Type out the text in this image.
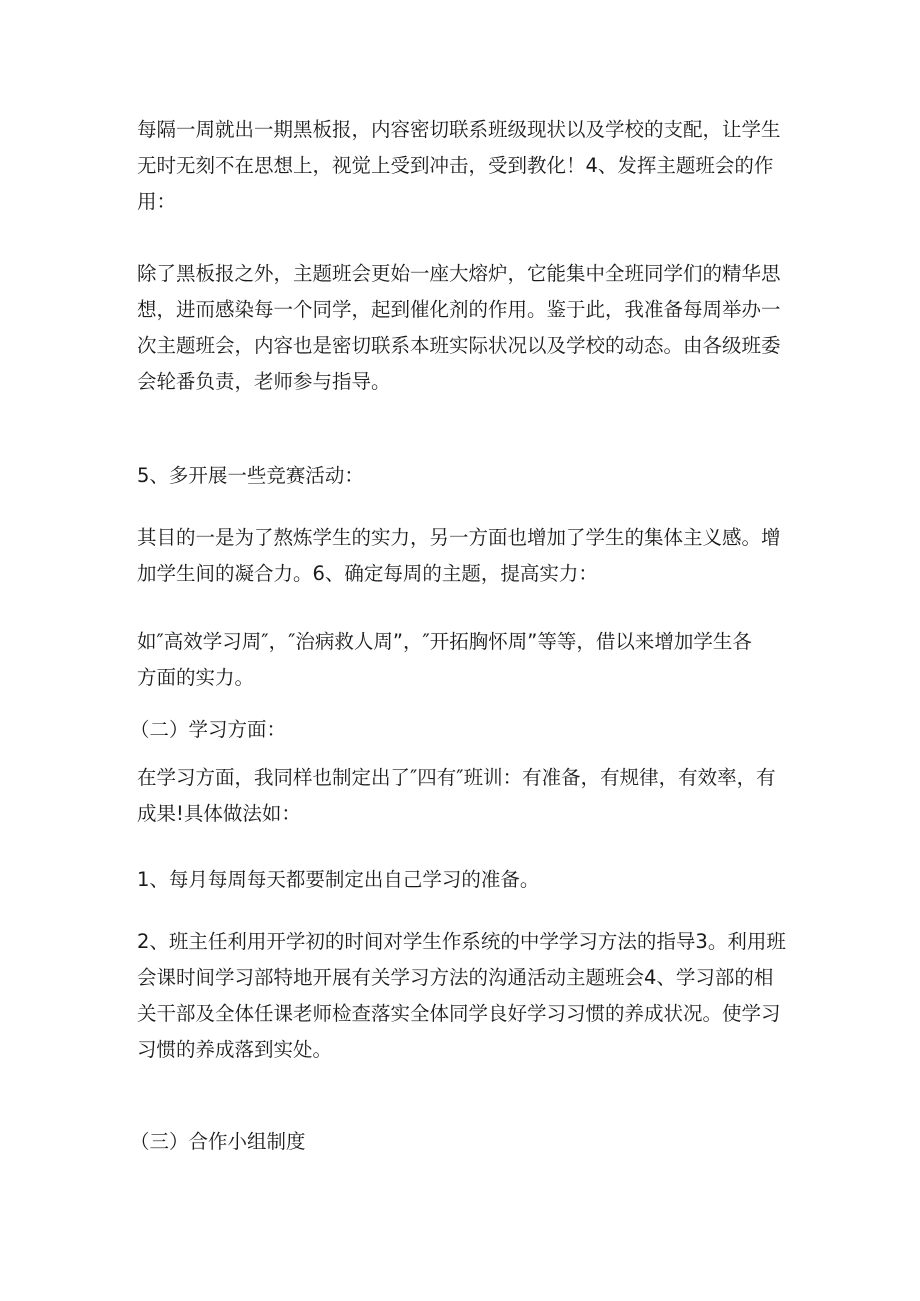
每隔一周就出一期黑板报，内容密切联系班级现状以及学校的支配，让学生
无时无刻不在思想上，视觉上受到冲击，受到教化！4、发挥主题班会的作
用：

除了黑板报之外，主题班会更始一座大熔炉，它能集中全班同学们的精华思
想，进而感染每一个同学，起到催化剂的作用。鉴于此，我准备每周举办一
次主题班会，内容也是密切联系本班实际状况以及学校的动态。由各级班委
会轮番负责，老师参与指导。

5、多开展一些竞赛活动：

其目的一是为了熬炼学生的实力，另一方面也增加了学生的集体主义感。增
加学生间的凝合力。6、确定每周的主题，提高实力：

如″高效学习周″，″治病救人周”，″开拓胸怀周”等等，借以来增加学生各
方面的实力。

（二）学习方面：

在学习方面，我同样也制定出了″四有″班训：有准备，有规律，有效率，有
成果!具体做法如：

1、每月每周每天都要制定出自己学习的准备。

2、班主任利用开学初的时间对学生作系统的中学学习方法的指导3。利用班
会课时间学习部特地开展有关学习方法的沟通活动主题班会4、学习部的相
关干部及全体任课老师检查落实全体同学良好学习习惯的养成状况。使学习
习惯的养成落到实处。

（三）合作小组制度
